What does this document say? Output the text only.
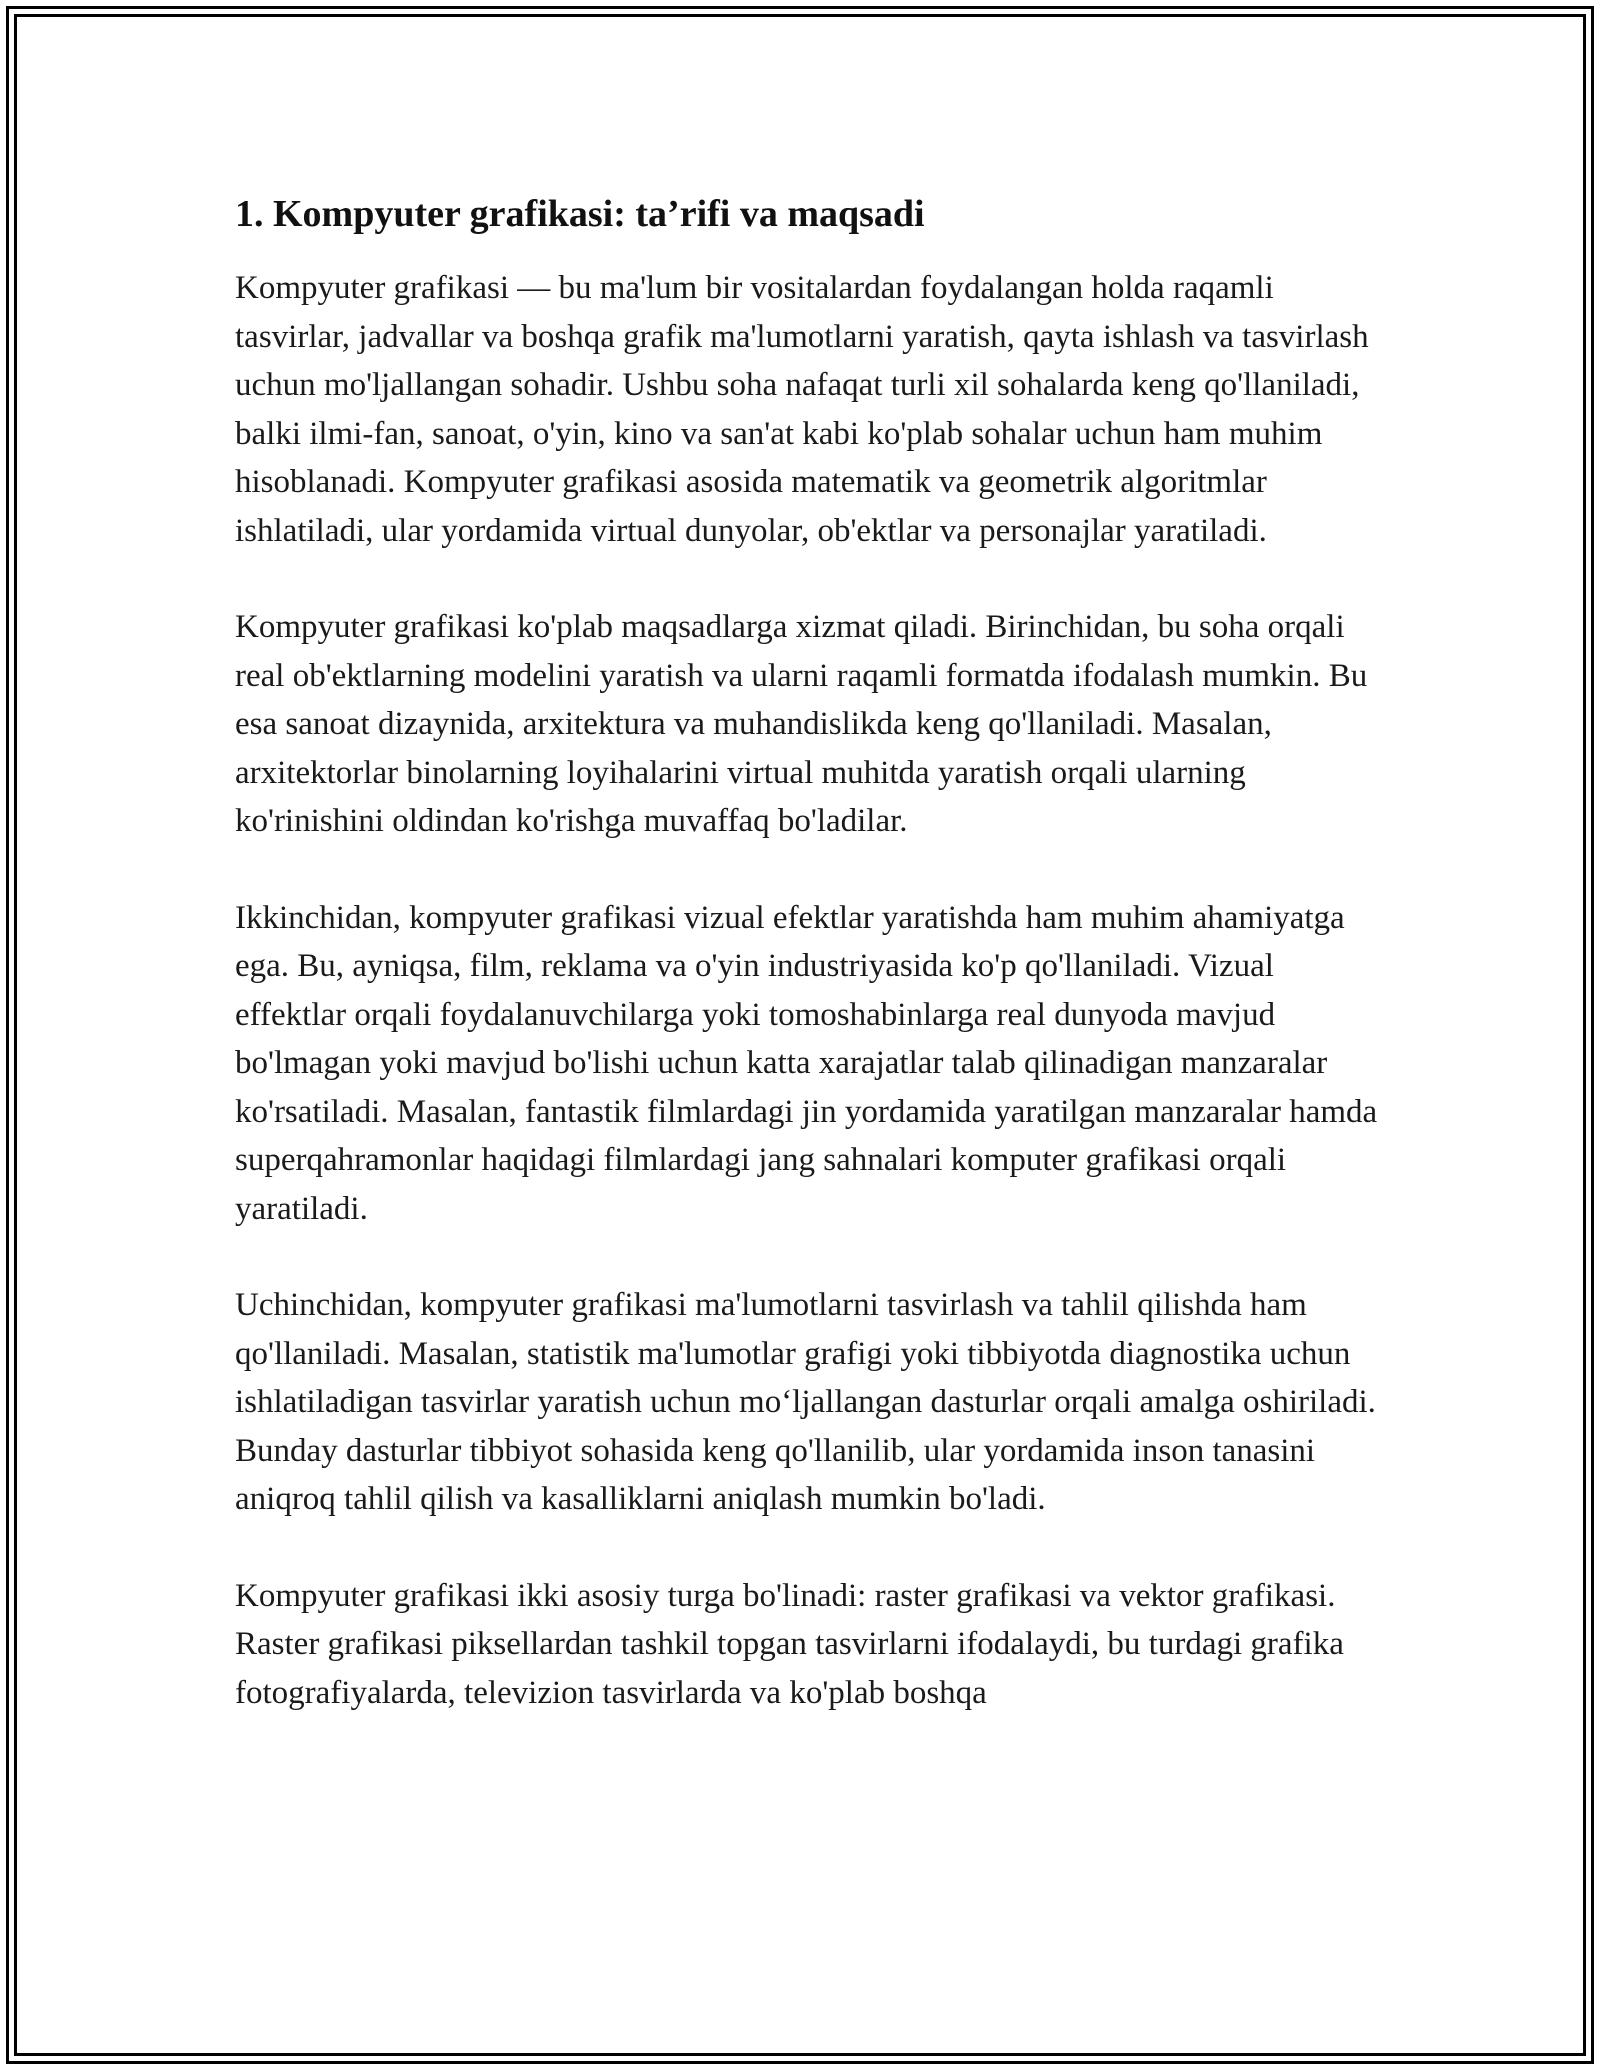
1. Kompyuter grafikasi: ta’rifi va maqsadi

Kompyuter grafikasi — bu ma'lum bir vositalardan foydalangan holda raqamli tasvirlar, jadvallar va boshqa grafik ma'lumotlarni yaratish, qayta ishlash va tasvirlash uchun mo'ljallangan sohadir. Ushbu soha nafaqat turli xil sohalarda keng qo'llaniladi, balki ilmi-fan, sanoat, o'yin, kino va san'at kabi ko'plab sohalar uchun ham muhim hisoblanadi. Kompyuter grafikasi asosida matematik va geometrik algoritmlar ishlatiladi, ular yordamida virtual dunyolar, ob'ektlar va personajlar yaratiladi.

Kompyuter grafikasi ko'plab maqsadlarga xizmat qiladi. Birinchidan, bu soha orqali real ob'ektlarning modelini yaratish va ularni raqamli formatda ifodalash mumkin. Bu esa sanoat dizaynida, arxitektura va muhandislikda keng qo'llaniladi. Masalan, arxitektorlar binolarning loyihalarini virtual muhitda yaratish orqali ularning ko'rinishini oldindan ko'rishga muvaffaq bo'ladilar.

Ikkinchidan, kompyuter grafikasi vizual efektlar yaratishda ham muhim ahamiyatga ega. Bu, ayniqsa, film, reklama va o'yin industriyasida ko'p qo'llaniladi. Vizual effektlar orqali foydalanuvchilarga yoki tomoshabinlarga real dunyoda mavjud bo'lmagan yoki mavjud bo'lishi uchun katta xarajatlar talab qilinadigan manzaralar ko'rsatiladi. Masalan, fantastik filmlardagi jin yordamida yaratilgan manzaralar hamda superqahramonlar haqidagi filmlardagi jang sahnalari komputer grafikasi orqali yaratiladi.

Uchinchidan, kompyuter grafikasi ma'lumotlarni tasvirlash va tahlil qilishda ham qo'llaniladi. Masalan, statistik ma'lumotlar grafigi yoki tibbiyotda diagnostika uchun ishlatiladigan tasvirlar yaratish uchun mo‘ljallangan dasturlar orqali amalga oshiriladi. Bunday dasturlar tibbiyot sohasida keng qo'llanilib, ular yordamida inson tanasini aniqroq tahlil qilish va kasalliklarni aniqlash mumkin bo'ladi.

Kompyuter grafikasi ikki asosiy turga bo'linadi: raster grafikasi va vektor grafikasi. Raster grafikasi piksellardan tashkil topgan tasvirlarni ifodalaydi, bu turdagi grafika fotografiyalarda, televizion tasvirlarda va ko'plab boshqa
